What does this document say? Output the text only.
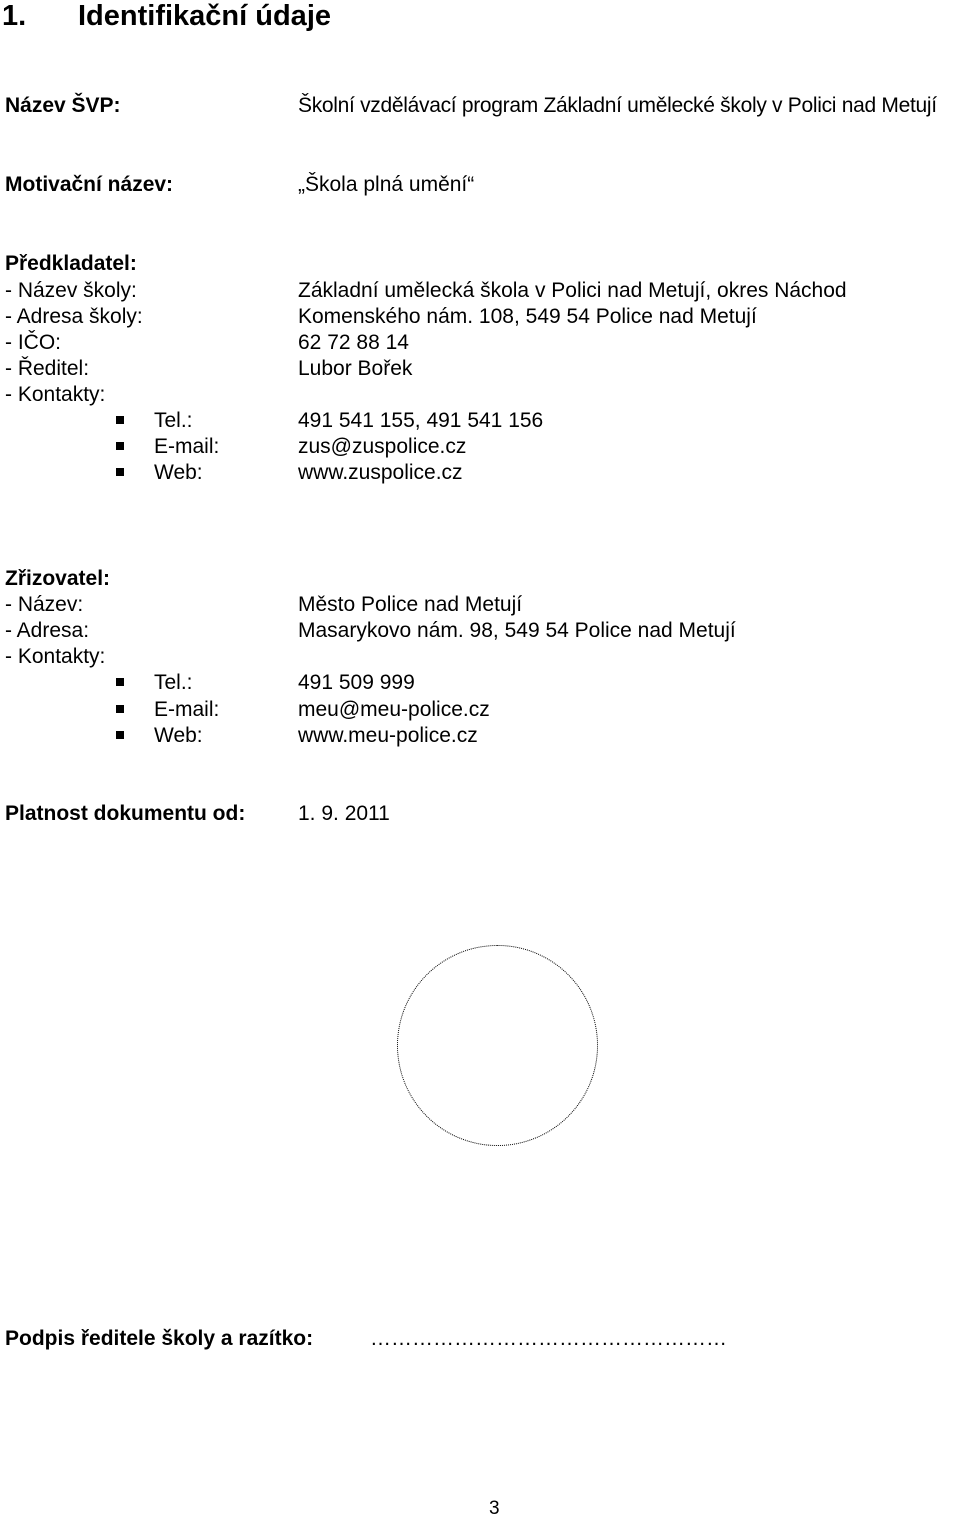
1. Identifikační údaje
Název ŠVP:	Školní vzdělávací program Základní umělecké školy v Polici nad Metují
Motivační název:	„Škola plná umění“
Předkladatel:
- Název školy:	Základní umělecká škola v Polici nad Metují, okres Náchod
- Adresa školy:	Komenského nám. 108, 549 54 Police nad Metují
- IČO:	62 72 88 14
- Ředitel:	Lubor Bořek
- Kontakty:
Tel.:	491 541 155, 491 541 156
E-mail:	zus@zuspolice.cz
Web:	www.zuspolice.cz
Zřizovatel:
- Název:	Město Police nad Metují
- Adresa:	Masarykovo nám. 98, 549 54 Police nad Metují
- Kontakty:
Tel.:	491 509 999
E-mail:	meu@meu-police.cz
Web:	www.meu-police.cz
Platnost dokumentu od:	1. 9. 2011
Podpis ředitele školy a razítko:	……………………………………………
3
